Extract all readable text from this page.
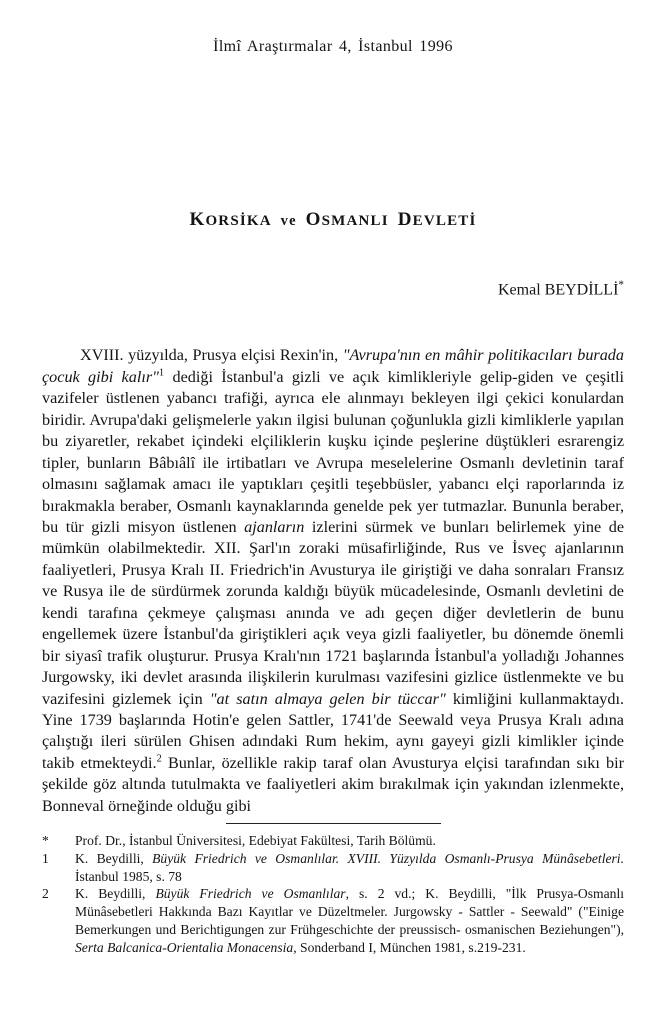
İlmî Araştırmalar 4, İstanbul 1996
KORSİKA ve OSMANLI DEVLETİ
Kemal BEYDİLLİ*

XVIII. yüzyılda, Prusya elçisi Rexin'in, "Avrupa'nın en mâhir politikacıları burada çocuk gibi kalır"$^1$ dediği İstanbul'a gizli ve açık kimlikleriyle gelip-giden ve çeşitli vazifeler üstlenen yabancı trafiği, ayrıca ele alınmayı bekleyen ilgi çekici konulardan biridir. Avrupa'daki gelişmelerle yakın ilgisi bulunan çoğunlukla gizli kimliklerle yapılan bu ziyaretler, rekabet içindeki elçiliklerin kuşku içinde peşlerine düştükleri esrarengiz tipler, bunların Bâbıâlî ile irtibatları ve Avrupa meselelerine Osmanlı devletinin taraf olmasını sağlamak amacı ile yaptıkları çeşitli teşebbüsler, yabancı elçi raporlarında iz bırakmakla beraber, Osmanlı kaynaklarında genelde pek yer tutmazlar. Bununla beraber, bu tür gizli misyon üstlenen ajanların izlerini sürmek ve bunları belirlemek yine de mümkün olabilmektedir. XII. Şarl'ın zoraki müsafirliğinde, Rus ve İsveç ajanlarının faaliyetleri, Prusya Kralı II. Friedrich'in Avusturya ile giriştiği ve daha sonraları Fransız ve Rusya ile de sürdürmek zorunda kaldığı büyük mücadelesinde, Osmanlı devletini de kendi tarafına çekmeye çalışması anında ve adı geçen diğer devletlerin de bunu engellemek üzere İstanbul'da giriştikleri açık veya gizli faaliyetler, bu dönemde önemli bir siyasî trafik oluşturur. Prusya Kralı'nın 1721 başlarında İstanbul'a yolladığı Johannes Jurgowsky, iki devlet arasında ilişkilerin kurulması vazifesini gizlice üstlenmekte ve bu vazifesini gizlemek için "at satın almaya gelen bir tüccar" kimliğini kullanmaktaydı. Yine 1739 başlarında Hotin'e gelen Sattler, 1741'de Seewald veya Prusya Kralı adına çalıştığı ileri sürülen Ghisen adındaki Rum hekim, aynı gayeyi gizli kimlikler içinde takib etmekteydi.$^2$ Bunlar, özellikle rakip taraf olan Avusturya elçisi tarafından sıkı bir şekilde göz altında tutulmakta ve faaliyetleri akim bırakılmak için yakından izlenmekte, Bonneval örneğinde olduğu gibi

*	Prof. Dr., İstanbul Üniversitesi, Edebiyat Fakültesi, Tarih Bölümü.
1	K. Beydilli, Büyük Friedrich ve Osmanlılar. XVIII. Yüzyılda Osmanlı-Prusya Münâsebetleri. İstanbul 1985, s. 78
2	K. Beydilli, Büyük Friedrich ve Osmanlılar, s. 2 vd.; K. Beydilli, "İlk Prusya-Osmanlı Münâsebetleri Hakkında Bazı Kayıtlar ve Düzeltmeler. Jurgowsky - Sattler - Seewald" ("Einige Bemerkungen und Berichtigungen zur Frühgeschichte der preussisch- osmanischen Beziehungen"), Serta Balcanica-Orientalia Monacensia, Sonderband I, München 1981, s.219-231.
